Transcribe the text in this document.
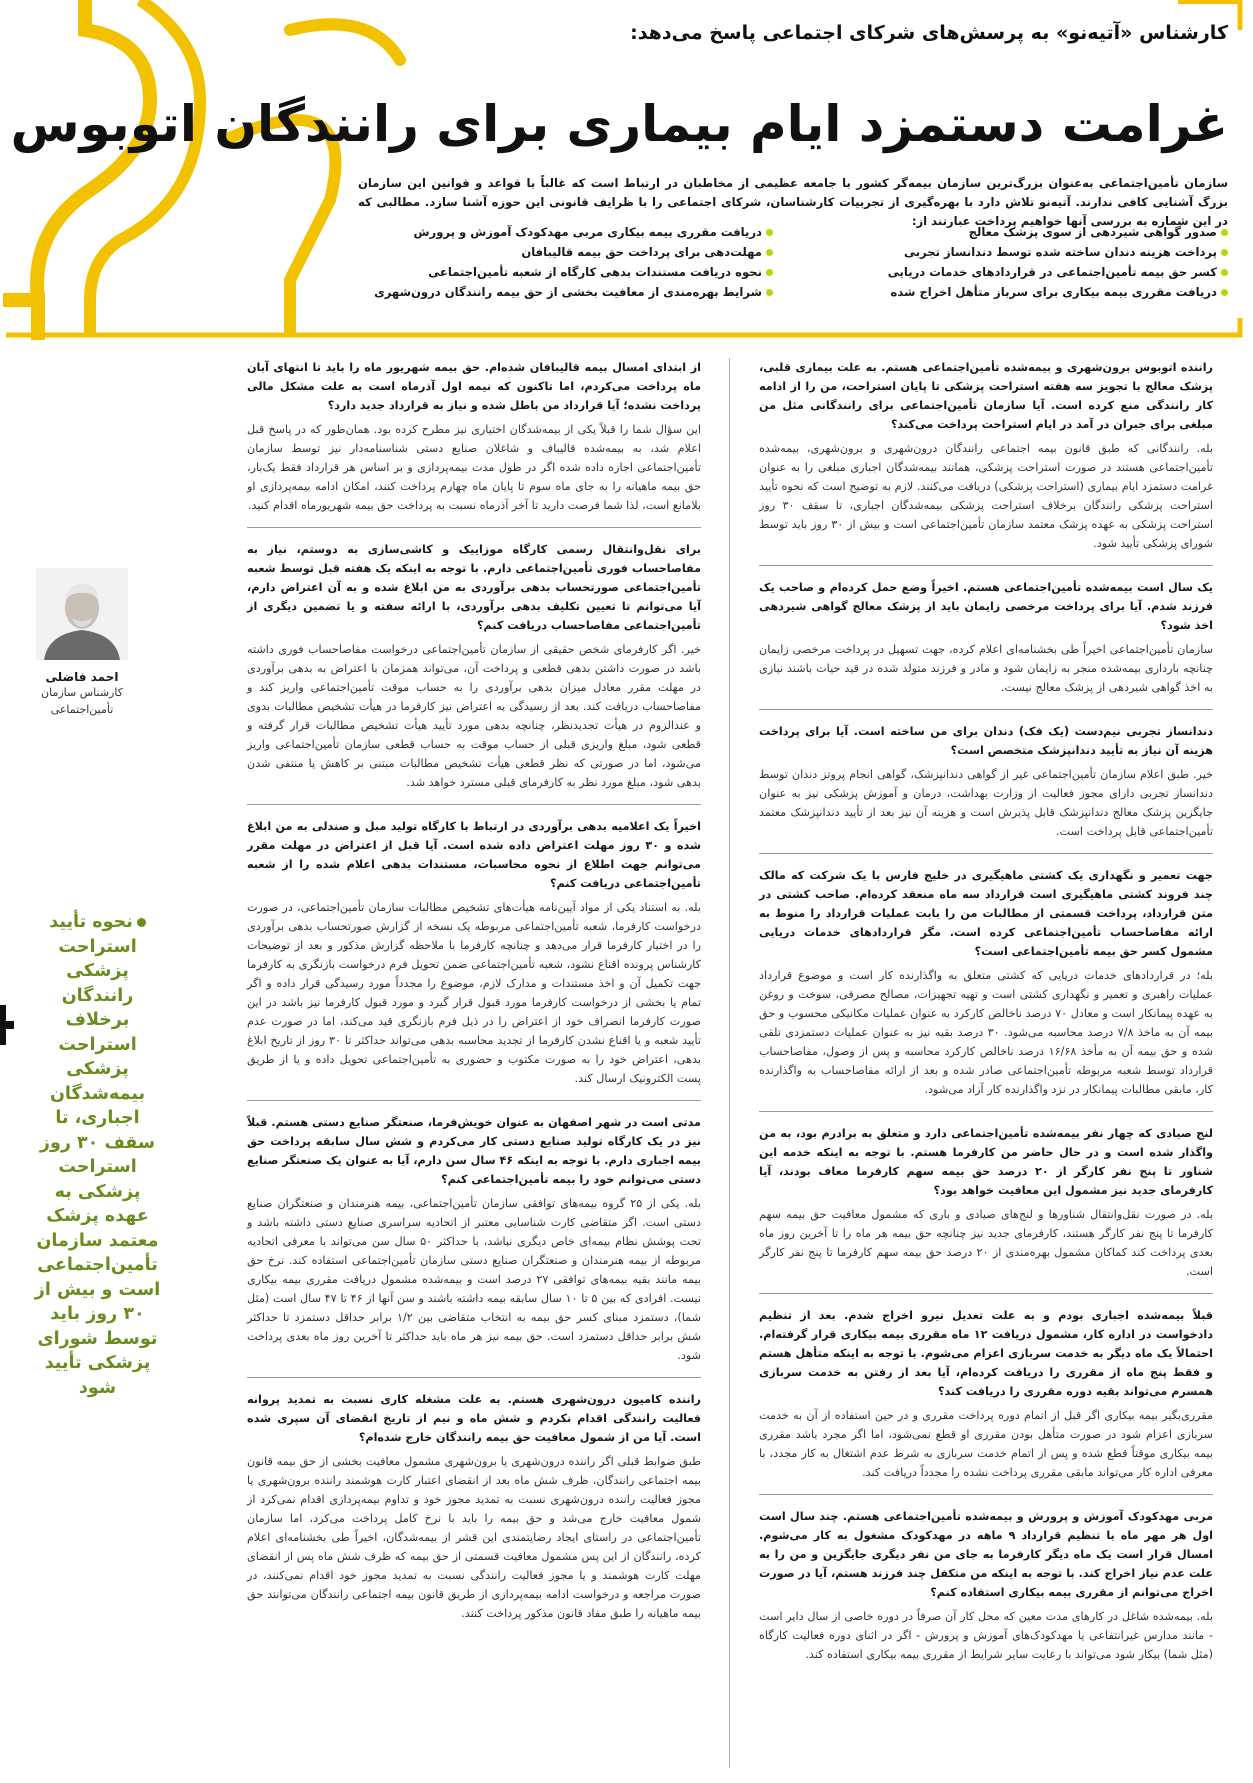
کارشناس «آتیه‌نو» به پرسش‌های شرکای اجتماعی پاسخ می‌دهد:
غرامت دستمزد ایام بیماری برای رانندگان اتوبوس

سازمان تأمین‌اجتماعی به‌عنوان بزرگ‌ترین سازمان بیمه‌گر کشور با جامعه عظیمی از مخاطبان در ارتباط است که غالباً با قواعد و قوانین این سازمان بزرگ آشنایی کافی ندارند. آتیه‌نو تلاش دارد با بهره‌گیری از تجربیات کارشناسان، شرکای اجتماعی را با ظرایف قانونی این حوزه آشنا سازد. مطالبی که در این شماره به بررسی آنها خواهیم پرداخت عبارتند از:

صدور گواهی شیردهی از سوی پزشک معالج
پرداخت هزینه دندان ساخته شده توسط دندانساز تجربی
کسر حق بیمه تأمین‌اجتماعی در قراردادهای خدمات دریایی
دریافت مقرری بیمه بیکاری برای سرباز متأهل اخراج شده
دریافت مقرری بیمه بیکاری مربی مهدکودک آموزش و پرورش
مهلت‌دهی برای پرداخت حق بیمه قالیبافان
نحوه دریافت مستندات بدهی کارگاه از شعبه تأمین‌اجتماعی
شرایط بهره‌مندی از معافیت بخشی از حق بیمه رانندگان درون‌شهری

راننده اتوبوس برون‌شهری و بیمه‌شده تأمین‌اجتماعی هستم. به علت بیماری قلبی، پزشک معالج با تجویز سه هفته استراحت پزشکی تا پایان استراحت، من را از ادامه کار رانندگی منع کرده است. آیا سازمان تأمین‌اجتماعی برای رانندگانی مثل من مبلغی برای جبران در آمد در ایام استراحت پرداخت می‌کند؟

بله. رانندگانی که طبق قانون بیمه اجتماعی رانندگان درون‌شهری و برون‌شهری، بیمه‌شده تأمین‌اجتماعی هستند در صورت استراحت پزشکی، همانند بیمه‌شدگان اجباری مبلغی را به عنوان غرامت دستمزد ایام بیماری (استراحت پزشکی) دریافت می‌کنند. لازم به توضیح است که نحوه تأیید استراحت پزشکی رانندگان برخلاف استراحت پزشکی بیمه‌شدگان اجباری، تا سقف ۳۰ روز استراحت پزشکی به عهده پزشک معتمد سازمان تأمین‌اجتماعی است و بیش از ۳۰ روز باید توسط شورای پزشکی تأیید شود.

یک سال است بیمه‌شده تأمین‌اجتماعی هستم. اخیراً وضع حمل کرده‌ام و صاحب یک فرزند شدم. آیا برای پرداخت مرخصی زایمان باید از پزشک معالج گواهی شیردهی اخذ شود؟

سازمان تأمین‌اجتماعی اخیراً طی بخشنامه‌ای اعلام کرده، جهت تسهیل در پرداخت مرخصی زایمان چنانچه بارداری بیمه‌شده منجر به زایمان شود و مادر و فرزند متولد شده در قید حیات باشند نیازی به اخذ گواهی شیردهی از پزشک معالج نیست.

دندانساز تجربی نیم‌دست (یک فک) دندان برای من ساخته است. آیا برای پرداخت هزینه آن نیاز به تأیید دندانپزشک متخصص است؟

خیر. طبق اعلام سازمان تأمین‌اجتماعی غیر از گواهی دندانپزشک، گواهی انجام پروتز دندان توسط دندانساز تجربی دارای مجوز فعالیت از وزارت بهداشت، درمان و آموزش پزشکی نیز به عنوان جایگزین پزشک معالج دندانپزشک قابل پذیرش است و هزینه آن نیز بعد از تأیید دندانپزشک معتمد تأمین‌اجتماعی قابل پرداخت است.

جهت تعمیر و نگهداری یک کشتی ماهیگیری در خلیج فارس با یک شرکت که مالک چند فروند کشتی ماهیگیری است قرارداد سه ماه منعقد کرده‌ام. صاحب کشتی در متن قرارداد، پرداخت قسمتی از مطالبات من را بابت عملیات قرارداد را منوط به ارائه مفاصاحساب تأمین‌اجتماعی کرده است. مگر قراردادهای خدمات دریایی مشمول کسر حق بیمه تأمین‌اجتماعی است؟

بله؛ در قراردادهای خدمات دریایی که کشتی متعلق به واگذارنده کار است و موضوع قرارداد عملیات راهبری و تعمیر و نگهداری کشتی است و تهیه تجهیزات، مصالح مصرفی، سوخت و روغن به عهده پیمانکار است و معادل ۷۰ درصد ناخالص کارکرد به عنوان عملیات مکانیکی محسوب و حق بیمه آن به ماخذ ۷/۸ درصد محاسبه می‌شود. ۳۰ درصد بقیه نیز به عنوان عملیات دستمزدی تلقی شده و حق بیمه آن به مأخذ ۱۶/۶۸ درصد ناخالص کارکرد محاسبه و پس از وصول، مفاصاحساب قرارداد توسط شعبه مربوطه تأمین‌اجتماعی صادر شده و بعد از ارائه مفاصاحساب به واگذارنده کار، مابقی مطالبات پیمانکار در نزد واگذارنده کار آزاد می‌شود.

لنج صیادی که چهار نفر بیمه‌شده تأمین‌اجتماعی دارد و متعلق به برادرم بود، به من واگذار شده است و در حال حاضر من کارفرما هستم. با توجه به اینکه خدمه این شناور تا پنج نفر کارگر از ۲۰ درصد حق بیمه سهم کارفرما معاف بودند، آیا کارفرمای جدید نیز مشمول این معافیت خواهد بود؟

بله. در صورت نقل‌وانتقال شناورها و لنج‌های صیادی و باری که مشمول معافیت حق بیمه سهم کارفرما تا پنج نفر کارگر هستند، کارفرمای جدید نیز چنانچه حق بیمه هر ماه را تا آخرین روز ماه بعدی پرداخت کند کماکان مشمول بهره‌مندی از ۲۰ درصد حق بیمه سهم کارفرما تا پنج نفر کارگر است.

قبلاً بیمه‌شده اجباری بودم و به علت تعدیل نیرو اخراج شدم. بعد از تنظیم دادخواست در اداره کار، مشمول دریافت ۱۲ ماه مقرری بیمه بیکاری قرار گرفته‌ام. احتمالاً یک ماه دیگر به خدمت سربازی اعزام می‌شوم. با توجه به اینکه متأهل هستم و فقط پنج ماه از مقرری را دریافت کرده‌ام، آیا بعد از رفتن به خدمت سربازی همسرم می‌تواند بقیه دوره مقرری را دریافت کند؟

مقرری‌بگیر بیمه بیکاری اگر قبل از اتمام دوره پرداخت مقرری و در حین استفاده از آن به خدمت سربازی اعزام شود در صورت متأهل بودن مقرری او قطع نمی‌شود، اما اگر مجرد باشد مقرری بیمه بیکاری موقتاً قطع شده و پس از اتمام خدمت سربازی به شرط عدم اشتغال به کار مجدد، با معرفی اداره کار می‌تواند مابقی مقرری پرداخت نشده را مجدداً دریافت کند.

مربی مهدکودک آموزش و پرورش و بیمه‌شده تأمین‌اجتماعی هستم. چند سال است اول هر مهر ماه با تنظیم قرارداد ۹ ماهه در مهدکودک مشغول به کار می‌شوم. امسال قرار است یک ماه دیگر کارفرما به جای من نفر دیگری جایگزین و من را به علت عدم نیاز اخراج کند. با توجه به اینکه من متکفل چند فرزند هستم، آیا در صورت اخراج می‌توانم از مقرری بیمه بیکاری استفاده کنم؟

بله. بیمه‌شده شاغل در کارهای مدت معین که محل کار آن صرفاً در دوره خاصی از سال دایر است - مانند مدارس غیرانتفاعی یا مهدکودک‌های آموزش و پرورش - اگر در اثنای دوره فعالیت کارگاه (مثل شما) بیکار شود می‌تواند با رعایت سایر شرایط از مقرری بیمه بیکاری استفاده کند.

از ابتدای امسال بیمه قالیبافان شده‌ام. حق بیمه شهریور ماه را باید تا انتهای آبان ماه پرداخت می‌کردم، اما تاکنون که نیمه اول آذرماه است به علت مشکل مالی پرداخت نشده؛ آیا قرارداد من باطل شده و نیاز به قرارداد جدید دارد؟

این سؤال شما را قبلاً یکی از بیمه‌شدگان اختیاری نیز مطرح کرده بود. همان‌طور که در پاسخ قبل اعلام شد، به بیمه‌شده قالیباف و شاغلان صنایع دستی شناسنامه‌دار نیز توسط سازمان تأمین‌اجتماعی اجازه داده شده اگر در طول مدت بیمه‌پردازی و بر اساس هر قرارداد فقط یک‌بار، حق بیمه ماهیانه را به جای ماه سوم تا پایان ماه چهارم پرداخت کنند، امکان ادامه بیمه‌پردازی او بلامانع است، لذا شما فرصت دارید تا آخر آذرماه نسبت به پرداخت حق بیمه شهریورماه اقدام کنید.

برای نقل‌وانتقال رسمی کارگاه موزاییک و کاشی‌سازی به دوستم، نیاز به مفاصاحساب فوری تأمین‌اجتماعی دارم. با توجه به اینکه یک هفته قبل توسط شعبه تأمین‌اجتماعی صورتحساب بدهی برآوردی به من ابلاغ شده و به آن اعتراض دارم، آیا می‌توانم تا تعیین تکلیف بدهی برآوردی، با ارائه سفته و یا تضمین دیگری از تأمین‌اجتماعی مفاصاحساب دریافت کنم؟

خیر. اگر کارفرمای شخص حقیقی از سازمان تأمین‌اجتماعی درخواست مفاصاحساب فوری داشته باشد در صورت داشتن بدهی قطعی و پرداخت آن، می‌تواند همزمان با اعتراض به بدهی برآوردی در مهلت مقرر معادل میزان بدهی برآوردی را به حساب موقت تأمین‌اجتماعی واریز کند و مفاصاحساب دریافت کند. بعد از رسیدگی به اعتراض نیز کارفرما در هیأت تشخیص مطالبات بدوی و عندالزوم در هیأت تجدیدنظر، چنانچه بدهی مورد تأیید هیأت تشخیص مطالبات قرار گرفته و قطعی شود، مبلغ واریزی قبلی از حساب موقت به حساب قطعی سازمان تأمین‌اجتماعی واریز می‌شود، اما در صورتی که نظر قطعی هیأت تشخیص مطالبات مبتنی بر کاهش یا منتفی شدن بدهی شود، مبلغ مورد نظر به کارفرمای قبلی مسترد خواهد شد.

اخیراً یک اعلامیه بدهی برآوردی در ارتباط با کارگاه تولید مبل و صندلی به من ابلاغ شده و ۳۰ روز مهلت اعتراض داده شده است. آیا قبل از اعتراض در مهلت مقرر می‌توانم جهت اطلاع از نحوه محاسبات، مستندات بدهی اعلام شده را از شعبه تأمین‌اجتماعی دریافت کنم؟

بله. به استناد یکی از مواد آیین‌نامه هیأت‌های تشخیص مطالبات سازمان تأمین‌اجتماعی، در صورت درخواست کارفرما، شعبه تأمین‌اجتماعی مربوطه یک نسخه از گزارش صورتحساب بدهی برآوردی را در اختیار کارفرما قرار می‌دهد و چنانچه کارفرما با ملاحظه گزارش مذکور و بعد از توضیحات کارشناس پرونده اقناع نشود، شعبه تأمین‌اجتماعی ضمن تحویل فرم درخواست بازنگری به کارفرما جهت تکمیل آن و اخذ مستندات و مدارک لازم، موضوع را مجدداً مورد رسیدگی قرار داده و اگر تمام یا بخشی از درخواست کارفرما مورد قبول قرار گیرد و مورد قبول کارفرما نیز باشد در این صورت کارفرما انصراف خود از اعتراض را در ذیل فرم بازنگری قید می‌کند، اما در صورت عدم تأیید شعبه و یا اقناع نشدن کارفرما از تجدید محاسبه بدهی می‌تواند حداکثر تا ۳۰ روز از تاریخ ابلاغ بدهی، اعتراض خود را به صورت مکتوب و حضوری به تأمین‌اجتماعی تحویل داده و یا از طریق پست الکترونیک ارسال کند.

مدتی است در شهر اصفهان به عنوان خویش‌فرما، صنعتگر صنایع دستی هستم. قبلاً نیز در یک کارگاه تولید صنایع دستی کار می‌کردم و شش سال سابقه پرداخت حق بیمه اجباری دارم. با توجه به اینکه ۴۶ سال سن دارم، آیا به عنوان یک صنعتگر صنایع دستی می‌توانم خود را بیمه تأمین‌اجتماعی کنم؟

بله. یکی از ۲۵ گروه بیمه‌های توافقی سازمان تأمین‌اجتماعی، بیمه هنرمندان و صنعتگران صنایع دستی است. اگر متقاضی کارت شناسایی معتبر از اتحادیه سراسری صنایع دستی داشته باشد و تحت پوشش نظام بیمه‌ای خاص دیگری نباشد، با حداکثر ۵۰ سال سن می‌تواند با معرفی اتحادیه مربوطه از بیمه هنرمندان و صنعتگران صنایع دستی سازمان تأمین‌اجتماعی استفاده کند. نرخ حق بیمه مانند بقیه بیمه‌های توافقی ۲۷ درصد است و بیمه‌شده مشمول دریافت مقرری بیمه بیکاری نیست. افرادی که بین ۵ تا ۱۰ سال سابقه بیمه داشته باشند و سن آنها از ۴۶ تا ۴۷ سال است (مثل شما)، دستمزد مبنای کسر حق بیمه به انتخاب متقاضی بین ۱/۲ برابر حداقل دستمزد تا حداکثر شش برابر حداقل دستمزد است. حق بیمه نیز هر ماه باید حداکثر تا آخرین روز ماه بعدی پرداخت شود.

راننده کامیون درون‌شهری هستم. به علت مشغله کاری نسبت به تمدید پروانه فعالیت رانندگی اقدام نکردم و شش ماه و نیم از تاریخ انقضای آن سپری شده است. آیا من از شمول معافیت حق بیمه رانندگان خارج شده‌ام؟

طبق ضوابط قبلی اگر راننده درون‌شهری یا برون‌شهری مشمول معافیت بخشی از حق بیمه قانون بیمه اجتماعی رانندگان، ظرف شش ماه بعد از انقضای اعتبار کارت هوشمند راننده برون‌شهری یا مجوز فعالیت راننده درون‌شهری نسبت به تمدید مجوز خود و تداوم بیمه‌پردازی اقدام نمی‌کرد از شمول معافیت خارج می‌شد و حق بیمه را باید با نرخ کامل پرداخت می‌کرد، اما سازمان تأمین‌اجتماعی در راستای ایجاد رضایتمندی این قشر از بیمه‌شدگان، اخیراً طی بخشنامه‌ای اعلام کرده، رانندگان از این پس مشمول معافیت قسمتی از حق بیمه که ظرف شش ماه پس از انقضای مهلت کارت هوشمند و یا مجوز فعالیت رانندگی نسبت به تمدید مجوز خود اقدام نمی‌کنند، در صورت مراجعه و درخواست ادامه بیمه‌پردازی از طریق قانون بیمه اجتماعی رانندگان می‌توانند حق بیمه ماهیانه را طبق مفاد قانون مذکور پرداخت کنند.

احمد فاضلی
کارشناس سازمان تأمین‌اجتماعی
نحوه تأیید استراحت پزشکی رانندگان برخلاف استراحت پزشکی بیمه‌شدگان اجباری، تا سقف ۳۰ روز استراحت پزشکی به عهده پزشک معتمد سازمان تأمین‌اجتماعی است و بیش از ۳۰ روز باید توسط شورای پزشکی تأیید شود
